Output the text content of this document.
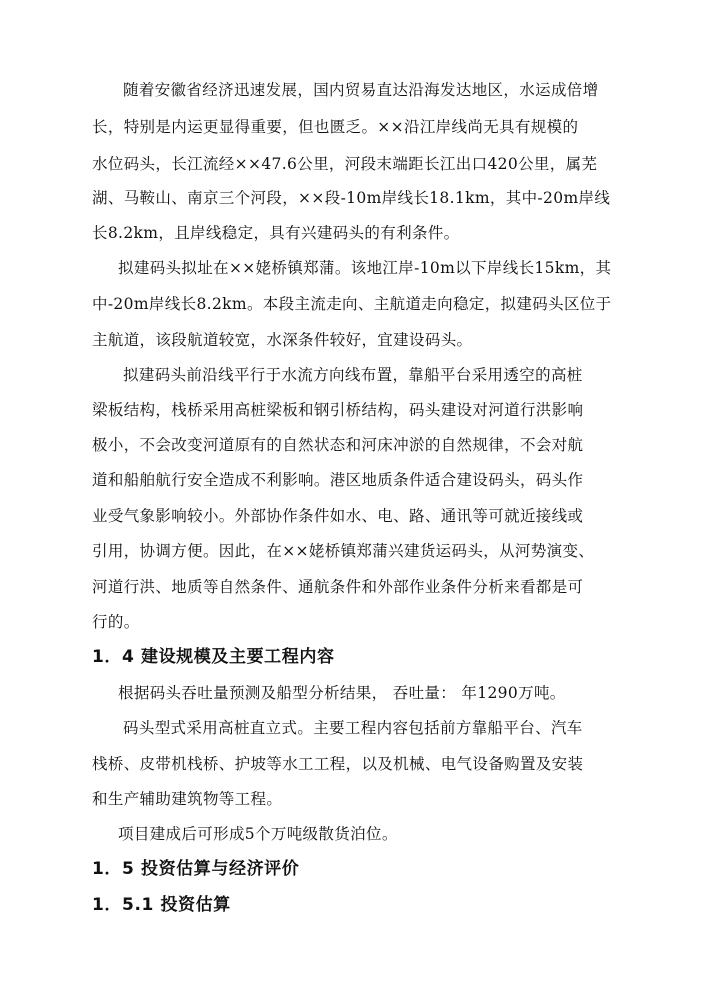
随着安徽省经济迅速发展，国内贸易直达沿海发达地区，水运成倍增
长，特别是内运更显得重要，但也匮乏。××沿江岸线尚无具有规模的
水位码头，长江流经××47.6公里，河段末端距长江出口420公里，属芜
湖、马鞍山、南京三个河段，××段-10m岸线长18.1km，其中-20m岸线
长8.2km，且岸线稳定，具有兴建码头的有利条件。
拟建码头拟址在××姥桥镇郑蒲。该地江岸-10m以下岸线长15km，其
中-20m岸线长8.2km。本段主流走向、主航道走向稳定，拟建码头区位于
主航道，该段航道较宽，水深条件较好，宜建设码头。
拟建码头前沿线平行于水流方向线布置，靠船平台采用透空的高桩
梁板结构，栈桥采用高桩梁板和钢引桥结构，码头建设对河道行洪影响
极小，不会改变河道原有的自然状态和河床冲淤的自然规律，不会对航
道和船舶航行安全造成不利影响。港区地质条件适合建设码头，码头作
业受气象影响较小。外部协作条件如水、电、路、通讯等可就近接线或
引用，协调方便。因此，在××姥桥镇郑蒲兴建货运码头，从河势演变、
河道行洪、地质等自然条件、通航条件和外部作业条件分析来看都是可
行的。
1．4 建设规模及主要工程内容
根据码头吞吐量预测及船型分析结果， 吞吐量： 年1290万吨。
码头型式采用高桩直立式。主要工程内容包括前方靠船平台、汽车
栈桥、皮带机栈桥、护坡等水工工程，以及机械、电气设备购置及安装
和生产辅助建筑物等工程。
项目建成后可形成5个万吨级散货泊位。
1．5 投资估算与经济评价
1．5.1 投资估算
